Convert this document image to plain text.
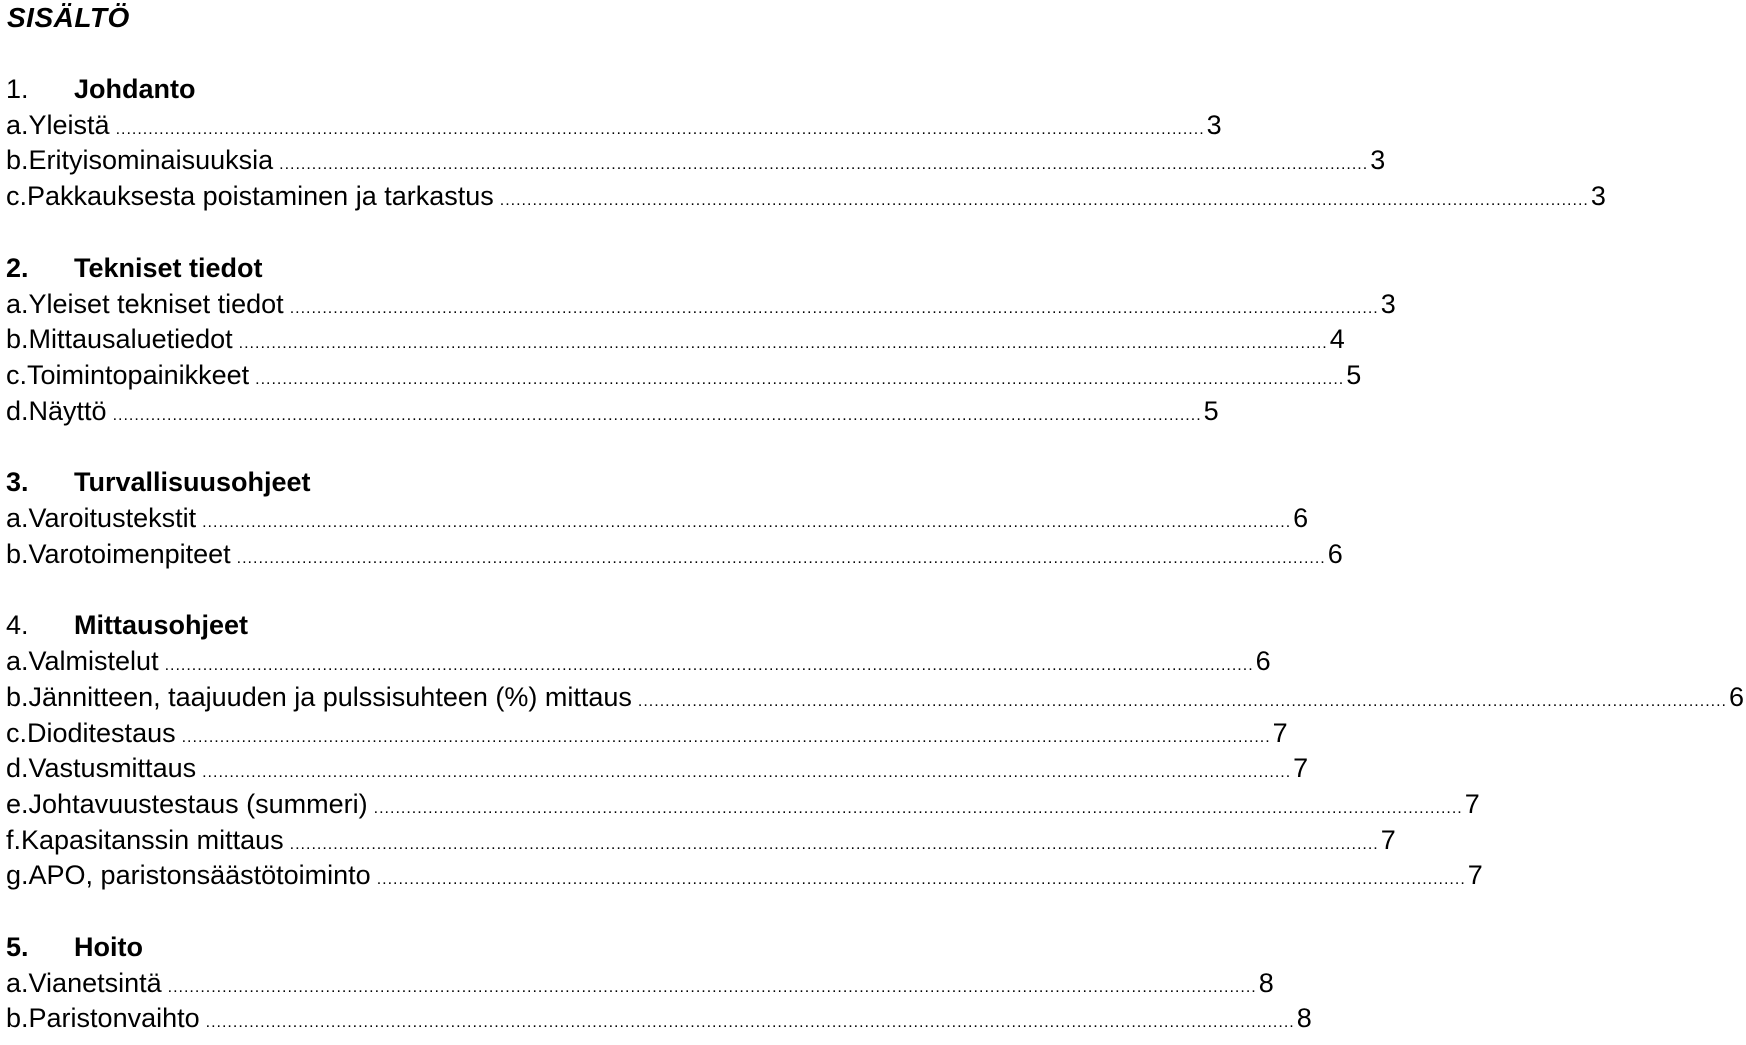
SISÄLTÖ
1.	Johdanto
a. Yleistä ........................................................................................................................................................................................................ 3
b. Erityisominaisuuksia ........................................................................................................................................................................................................ 3
c. Pakkauksesta poistaminen ja tarkastus ........................................................................................................................................................................................................ 3
2.	Tekniset tiedot
a. Yleiset tekniset tiedot ........................................................................................................................................................................................................ 3
b. Mittausaluetiedot ........................................................................................................................................................................................................ 4
c. Toimintopainikkeet ........................................................................................................................................................................................................ 5
d. Näyttö ........................................................................................................................................................................................................ 5
3.	Turvallisuusohjeet
a. Varoitustekstit ........................................................................................................................................................................................................ 6
b. Varotoimenpiteet ........................................................................................................................................................................................................ 6
4.	Mittausohjeet
a. Valmistelut ........................................................................................................................................................................................................ 6
b. Jännitteen, taajuuden ja pulssisuhteen (%) mittaus ........................................................................................................................................................................................................ 6
c. Dioditestaus ........................................................................................................................................................................................................ 7
d. Vastusmittaus ........................................................................................................................................................................................................ 7
e. Johtavuustestaus (summeri) ........................................................................................................................................................................................................ 7
f. Kapasitanssin mittaus ........................................................................................................................................................................................................ 7
g. APO, paristonsäästötoiminto ........................................................................................................................................................................................................ 7
5.	Hoito
a. Vianetsintä ........................................................................................................................................................................................................ 8
b. Paristonvaihto ........................................................................................................................................................................................................ 8
